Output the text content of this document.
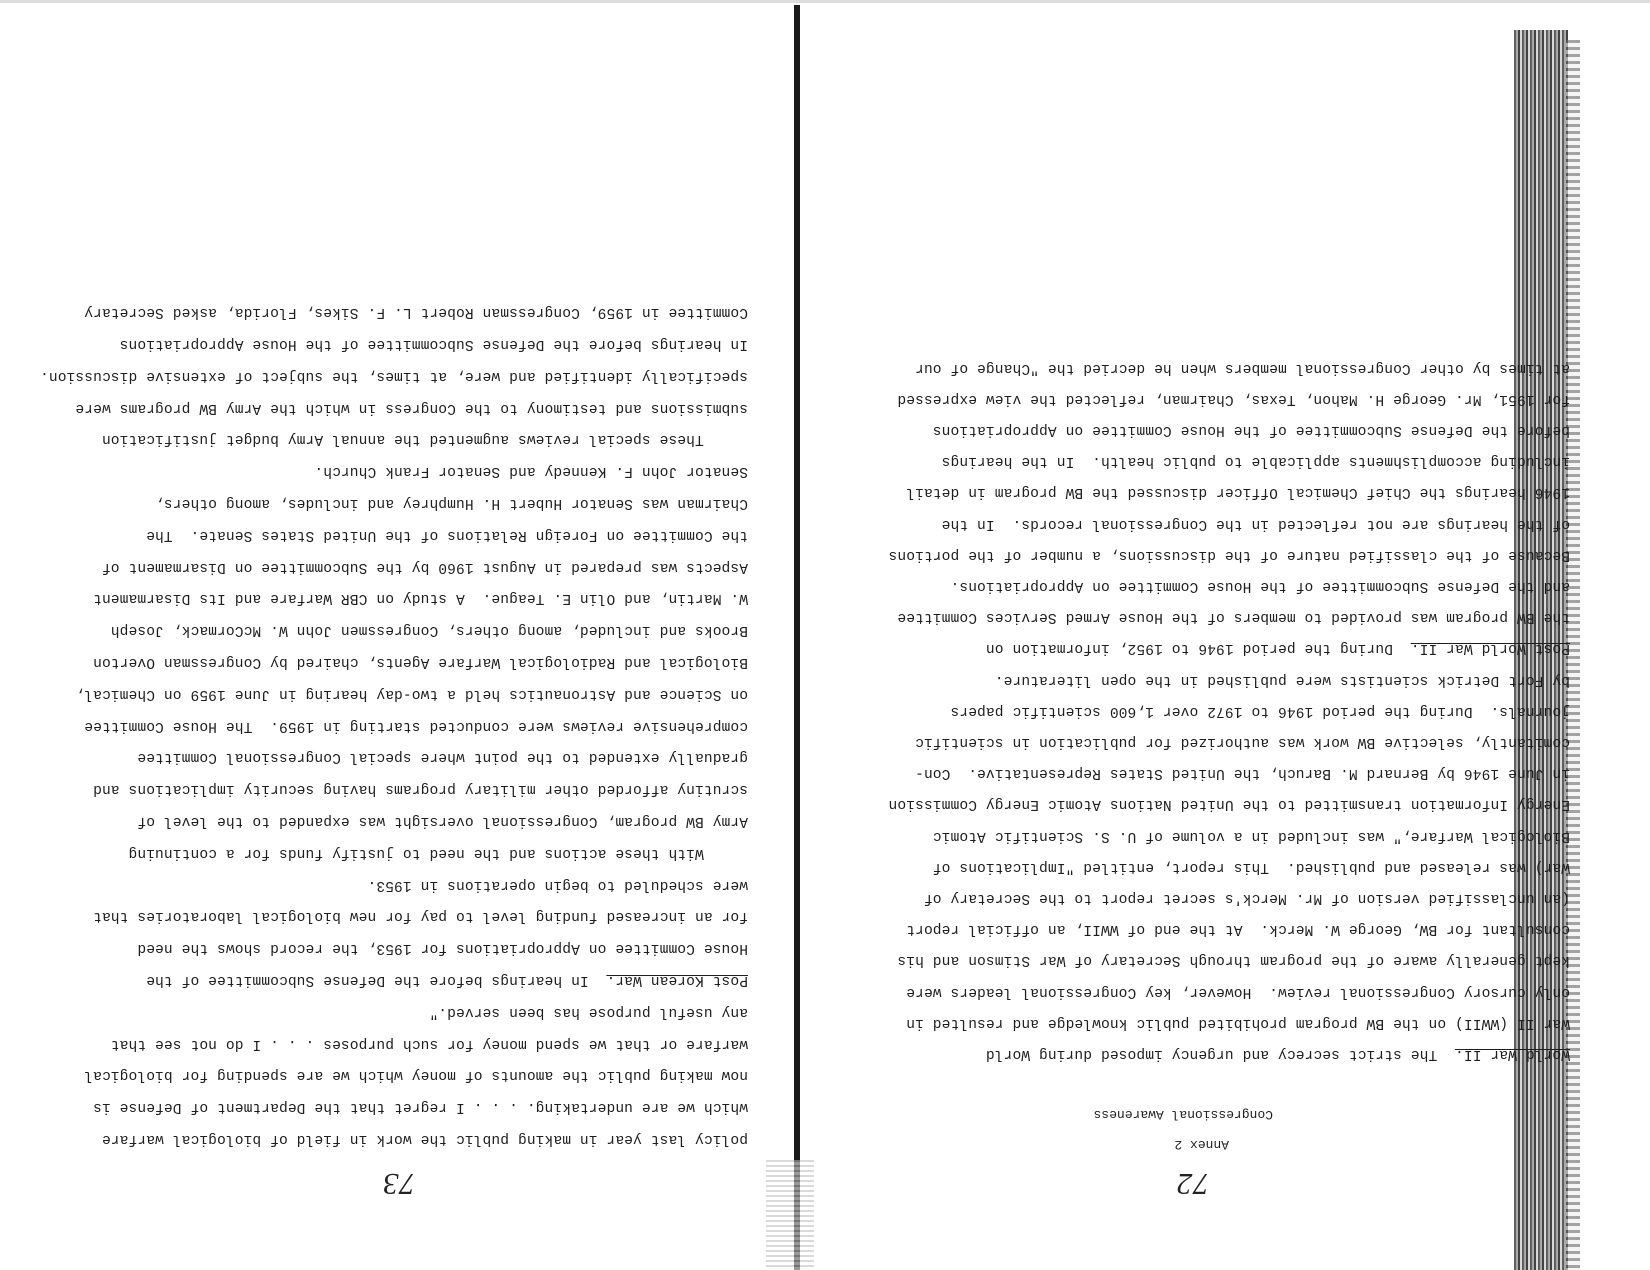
72
Annex 2
Congressional Awareness
World War II.  The strict secrecy and urgency imposed during World
War II (WWII) on the BW program prohibited public knowledge and resulted in
only cursory Congressional review.  However, key Congressional leaders were
kept generally aware of the program through Secretary of War Stimson and his
consultant for BW, George W. Merck.  At the end of WWII, an official report
(an unclassified version of Mr. Merck's secret report to the Secretary of
War) was released and published.  This report, entitled "Implications of
Biological Warfare," was included in a volume of U. S. Scientific Atomic
Energy Information transmitted to the United Nations Atomic Energy Commission
in June 1946 by Bernard M. Baruch, the United States Representative.  Con-
comitantly, selective BW work was authorized for publication in scientific
journals.  During the period 1946 to 1972 over 1,600 scientific papers
by Fort Detrick scientists were published in the open literature.
Post World War II.  During the period 1946 to 1952, information on
the BW program was provided to members of the House Armed Services Committee
and the Defense Subcommittee of the House Committee on Appropriations.
Because of the classified nature of the discussions, a number of the portions
of the hearings are not reflected in the Congressional records.  In the
1946 hearings the Chief Chemical Officer discussed the BW program in detail
including accomplishments applicable to public health.  In the hearings
before the Defense Subcommittee of the House Committee on Appropriations
for 1951, Mr. George H. Mahon, Texas, Chairman, reflected the view expressed
at times by other Congressional members when he decried the "Change of our
73
policy last year in making public the work in field of biological warfare
which we are undertaking. . . . I regret that the Department of Defense is
now making public the amounts of money which we are spending for biological
warfare or that we spend money for such purposes . . . I do not see that
any useful purpose has been served."
Post Korean War.  In hearings before the Defense Subcommittee of the
House Committee on Appropriations for 1953, the record shows the need
for an increased funding level to pay for new biological laboratories that
were scheduled to begin operations in 1953.
With these actions and the need to justify funds for a continuing
Army BW program, Congressional oversight was expanded to the level of
scrutiny afforded other military programs having security implications and
gradually extended to the point where special Congressional Committee
comprehensive reviews were conducted starting in 1959.  The House Committee
on Science and Astronautics held a two-day hearing in June 1959 on Chemical,
Biological and Radiological Warfare Agents, chaired by Congressman Overton
Brooks and included, among others, Congressmen John W. McCormack, Joseph
W. Martin, and Olin E. Teague.  A study on CBR Warfare and Its Disarmament
Aspects was prepared in August 1960 by the Subcommittee on Disarmament of
the Committee on Foreign Relations of the United States Senate.  The
Chairman was Senator Hubert H. Humphrey and includes, among others,
Senator John F. Kennedy and Senator Frank Church.
These special reviews augmented the annual Army budget justification
submissions and testimony to the Congress in which the Army BW programs were
specifically identified and were, at times, the subject of extensive discussion.
In hearings before the Defense Subcommittee of the House Appropriations
Committee in 1959, Congressman Robert L. F. Sikes, Florida, asked Secretary
